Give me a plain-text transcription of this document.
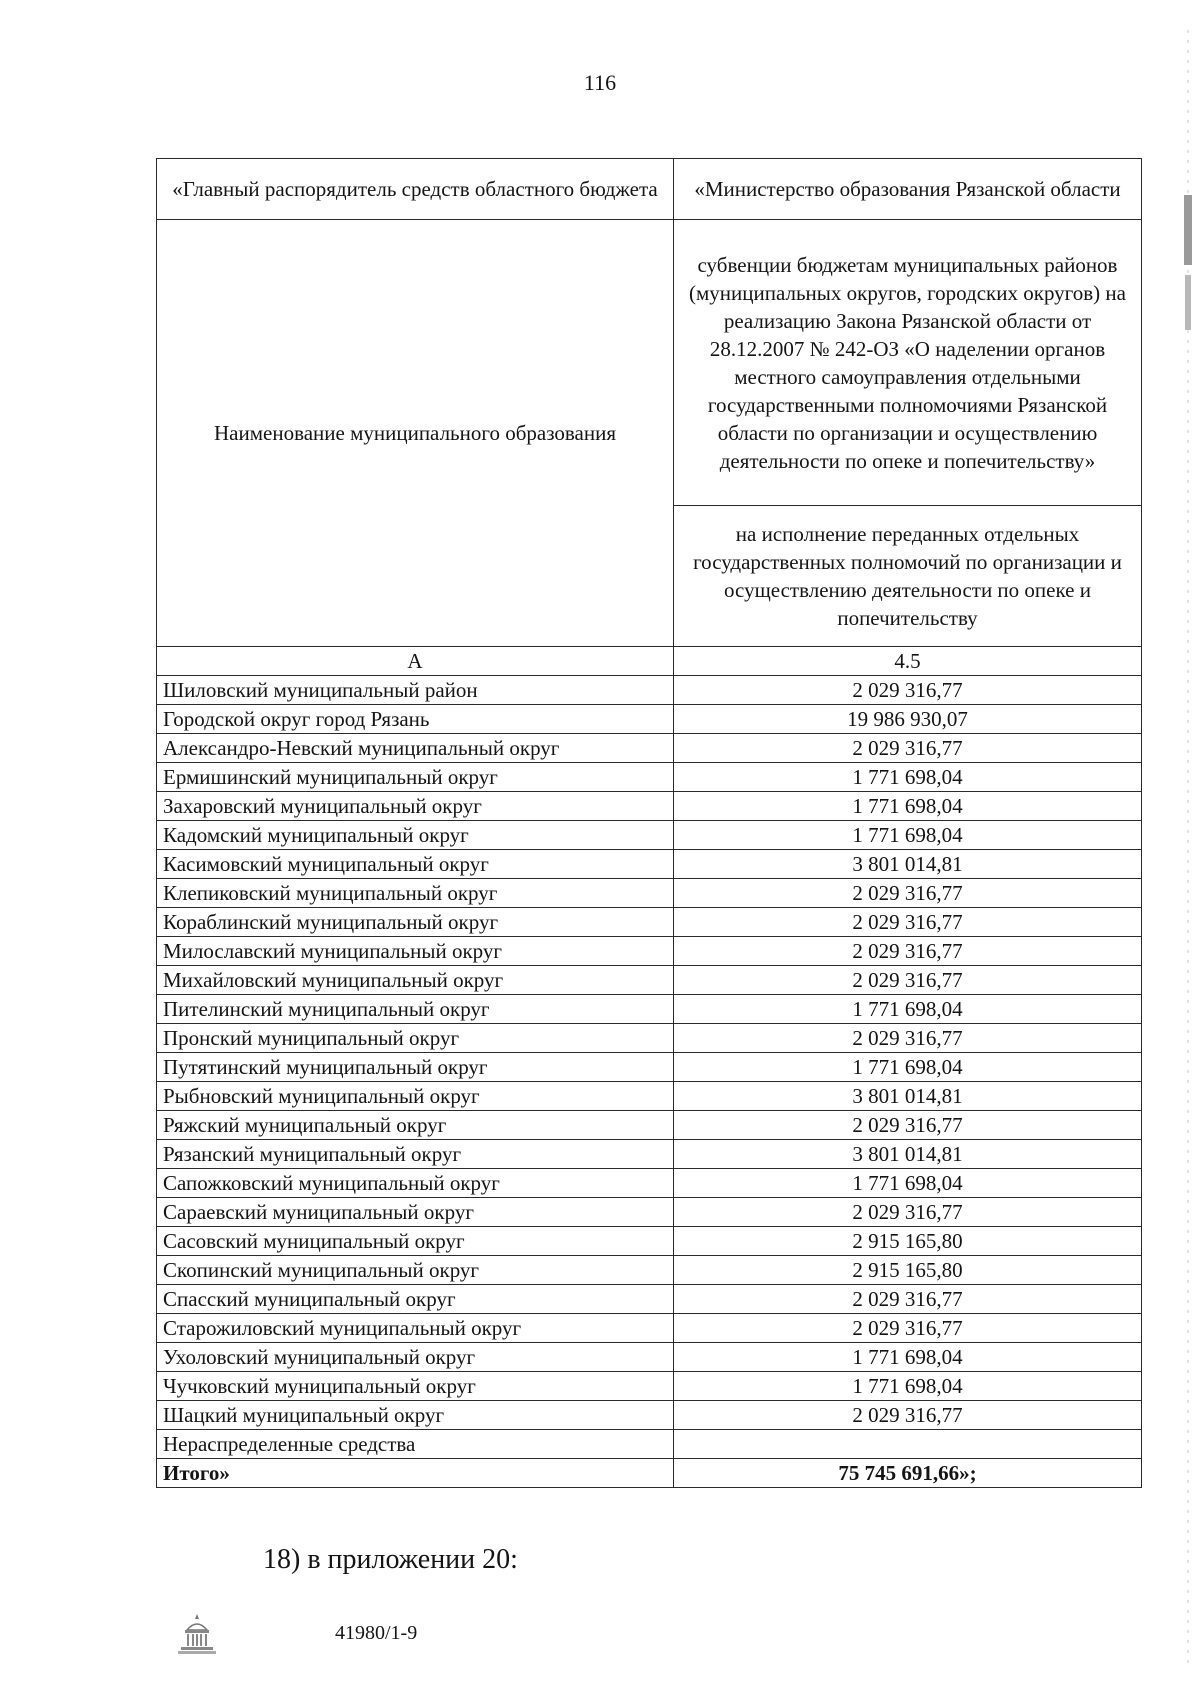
116
«Главный распорядитель средств областного бюджета	«Министерство образования Рязанской области
Наименование муниципального образования	субвенции бюджетам муниципальных районов (муниципальных округов, городских округов) на реализацию Закона Рязанской области от 28.12.2007 № 242-ОЗ «О наделении органов местного самоуправления отдельными государственными полномочиями Рязанской области по организации и осуществлению деятельности по опеке и попечительству»
	на исполнение переданных отдельных государственных полномочий по организации и осуществлению деятельности по опеке и попечительству
А	4.5
Шиловский муниципальный район	2 029 316,77
Городской округ город Рязань	19 986 930,07
Александро-Невский муниципальный округ	2 029 316,77
Ермишинский муниципальный округ	1 771 698,04
Захаровский муниципальный округ	1 771 698,04
Кадомский муниципальный округ	1 771 698,04
Касимовский муниципальный округ	3 801 014,81
Клепиковский муниципальный округ	2 029 316,77
Кораблинский муниципальный округ	2 029 316,77
Милославский муниципальный округ	2 029 316,77
Михайловский муниципальный округ	2 029 316,77
Пителинский муниципальный округ	1 771 698,04
Пронский муниципальный округ	2 029 316,77
Путятинский муниципальный округ	1 771 698,04
Рыбновский муниципальный округ	3 801 014,81
Ряжский муниципальный округ	2 029 316,77
Рязанский муниципальный округ	3 801 014,81
Сапожковский муниципальный округ	1 771 698,04
Сараевский муниципальный округ	2 029 316,77
Сасовский муниципальный округ	2 915 165,80
Скопинский муниципальный округ	2 915 165,80
Спасский муниципальный округ	2 029 316,77
Старожиловский муниципальный округ	2 029 316,77
Ухоловский муниципальный округ	1 771 698,04
Чучковский муниципальный округ	1 771 698,04
Шацкий муниципальный округ	2 029 316,77
Нераспределенные средства	
Итого»	75 745 691,66»;
18) в приложении 20:
41980/1-9
